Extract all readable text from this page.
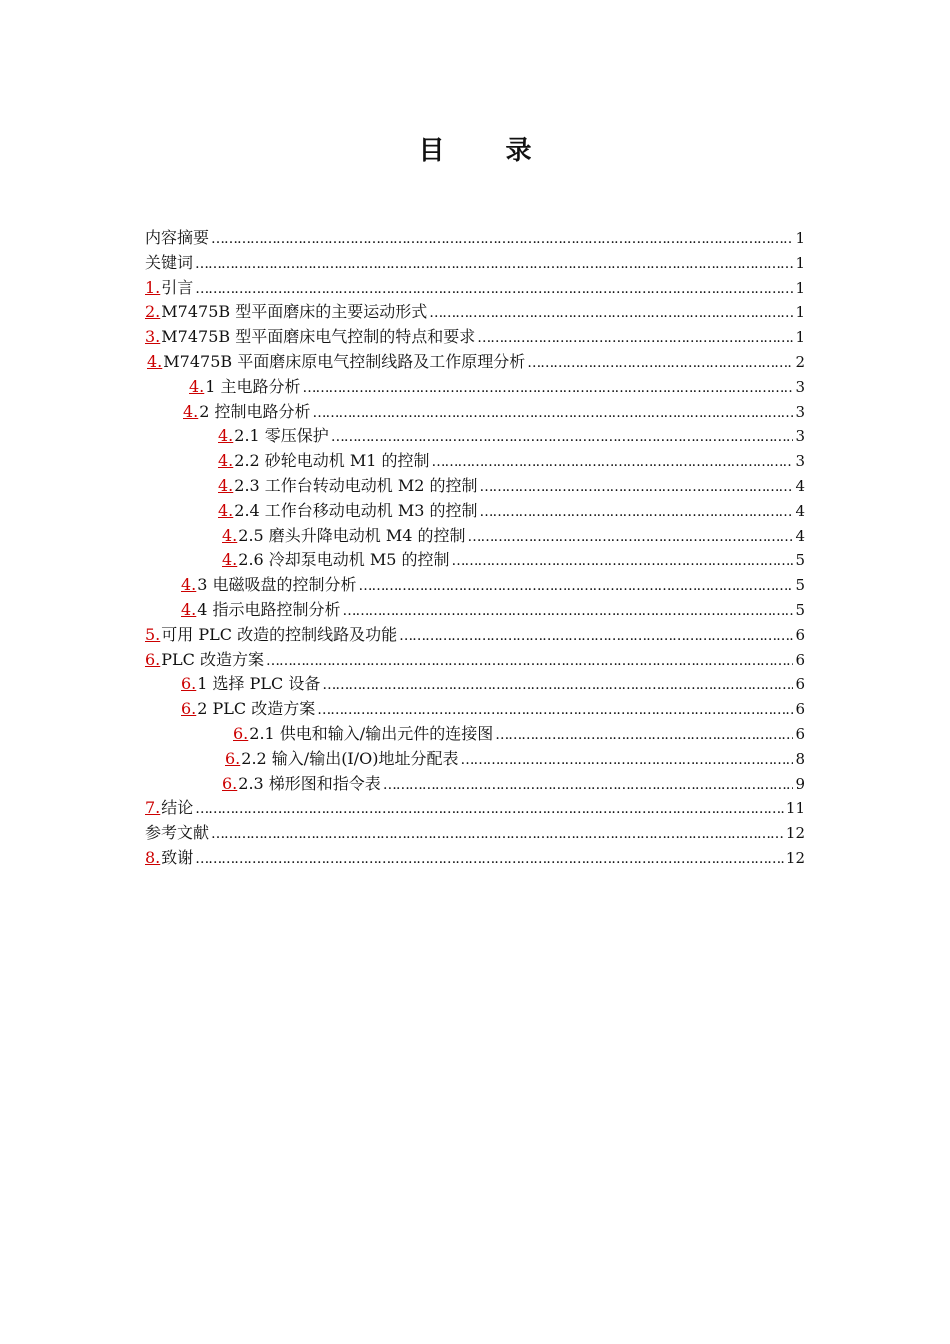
目 录
内容摘要 …………………………………………………………………………………………………………………………………………………………………………	1
关键词 …………………………………………………………………………………………………………………………………………………………………………	1
1. 引言 …………………………………………………………………………………………………………………………………………………………………………	1
2. M7475B 型平面磨床的主要运动形式 …………………………………………………………………………………………………………………………………………………………………………	1
3. M7475B 型平面磨床电气控制的特点和要求 …………………………………………………………………………………………………………………………………………………………………………	1
4. M7475B 平面磨床原电气控制线路及工作原理分析 …………………………………………………………………………………………………………………………………………………………………………	2
4. 1 主电路分析 …………………………………………………………………………………………………………………………………………………………………………	3
4. 2 控制电路分析 …………………………………………………………………………………………………………………………………………………………………………	3
4. 2.1 零压保护 …………………………………………………………………………………………………………………………………………………………………………	3
4. 2.2 砂轮电动机 M1 的控制 …………………………………………………………………………………………………………………………………………………………………………	3
4. 2.3 工作台转动电动机 M2 的控制 …………………………………………………………………………………………………………………………………………………………………………	4
4. 2.4 工作台移动电动机 M3 的控制 …………………………………………………………………………………………………………………………………………………………………………	4
4. 2.5 磨头升降电动机 M4 的控制 …………………………………………………………………………………………………………………………………………………………………………	4
4. 2.6 冷却泵电动机 M5 的控制 …………………………………………………………………………………………………………………………………………………………………………	5
4. 3 电磁吸盘的控制分析 …………………………………………………………………………………………………………………………………………………………………………	5
4. 4 指示电路控制分析 …………………………………………………………………………………………………………………………………………………………………………	5
5. 可用 PLC 改造的控制线路及功能 …………………………………………………………………………………………………………………………………………………………………………	6
6. PLC 改造方案 …………………………………………………………………………………………………………………………………………………………………………	6
6. 1 选择 PLC 设备 …………………………………………………………………………………………………………………………………………………………………………	6
6. 2 PLC 改造方案 …………………………………………………………………………………………………………………………………………………………………………	6
6. 2.1 供电和输入/输出元件的连接图 …………………………………………………………………………………………………………………………………………………………………………	6
6. 2.2 输入/输出(I/O)地址分配表 …………………………………………………………………………………………………………………………………………………………………………	8
6. 2.3 梯形图和指令表 …………………………………………………………………………………………………………………………………………………………………………	9
7. 结论 …………………………………………………………………………………………………………………………………………………………………………	11
参考文献 …………………………………………………………………………………………………………………………………………………………………………	12
8. 致谢 …………………………………………………………………………………………………………………………………………………………………………	12
